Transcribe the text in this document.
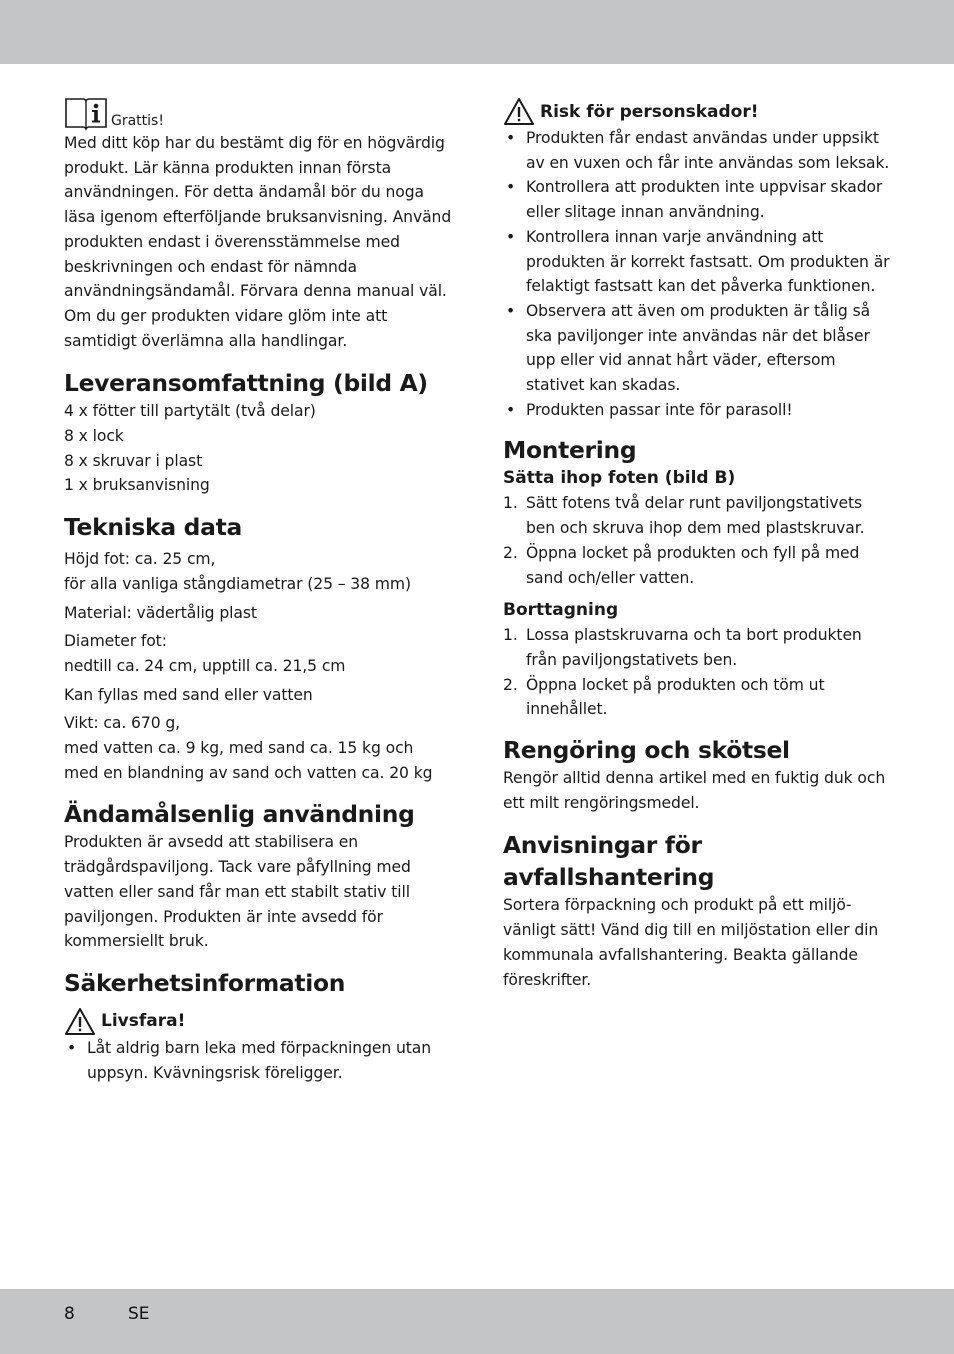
Grattis!

Med ditt köp har du bestämt dig för en högvärdig produkt. Lär känna produkten innan första användningen. För detta ändamål bör du noga läsa igenom efterföljande bruksanvisning. Använd produkten endast i överensstämmelse med beskrivningen och endast för nämnda användningsändamål. Förvara denna manual väl. Om du ger produkten vidare glöm inte att samtidigt överlämna alla handlingar.

Leveransomfattning (bild A)
4 x fötter till partytält (två delar)
8 x lock
8 x skruvar i plast
1 x bruksanvisning
Tekniska data
Höjd fot: ca. 25 cm,
för alla vanliga stångdiametrar (25 – 38 mm)
Material: vädertålig plast
Diameter fot:
nedtill ca. 24 cm, upptill ca. 21,5 cm
Kan fyllas med sand eller vatten
Vikt: ca. 670 g,
med vatten ca. 9 kg, med sand ca. 15 kg och
med en blandning av sand och vatten ca. 20 kg
Ändamålsenlig användning

Produkten är avsedd att stabilisera en trädgårdspaviljong. Tack vare påfyllning med vatten eller sand får man ett stabilt stativ till paviljongen. Produkten är inte avsedd för kommersiellt bruk.

Säkerhetsinformation
Livsfara!
• Låt aldrig barn leka med förpackningen utan uppsyn. Kvävningsrisk föreligger.
Risk för personskador!
• Produkten får endast användas under uppsikt av en vuxen och får inte användas som leksak.
• Kontrollera att produkten inte uppvisar skador eller slitage innan användning.
• Kontrollera innan varje användning att produkten är korrekt fastsatt. Om produkten är felaktigt fastsatt kan det påverka funktionen.
• Observera att även om produkten är tålig så ska paviljonger inte användas när det blåser upp eller vid annat hårt väder, eftersom stativet kan skadas.
• Produkten passar inte för parasoll!
Montering
Sätta ihop foten (bild B)
1. Sätt fotens två delar runt paviljongstativets ben och skruva ihop dem med plastskruvar.
2. Öppna locket på produkten och fyll på med sand och/eller vatten.
Borttagning
1. Lossa plastskruvarna och ta bort produkten från paviljongstativets ben.
2. Öppna locket på produkten och töm ut innehållet.
Rengöring och skötsel

Rengör alltid denna artikel med en fuktig duk och ett milt rengöringsmedel.

Anvisningar för avfallshantering

Sortera förpackning och produkt på ett miljövänligt sätt! Vänd dig till en miljöstation eller din kommunala avfallshantering. Beakta gällande föreskrifter.

8	SE
